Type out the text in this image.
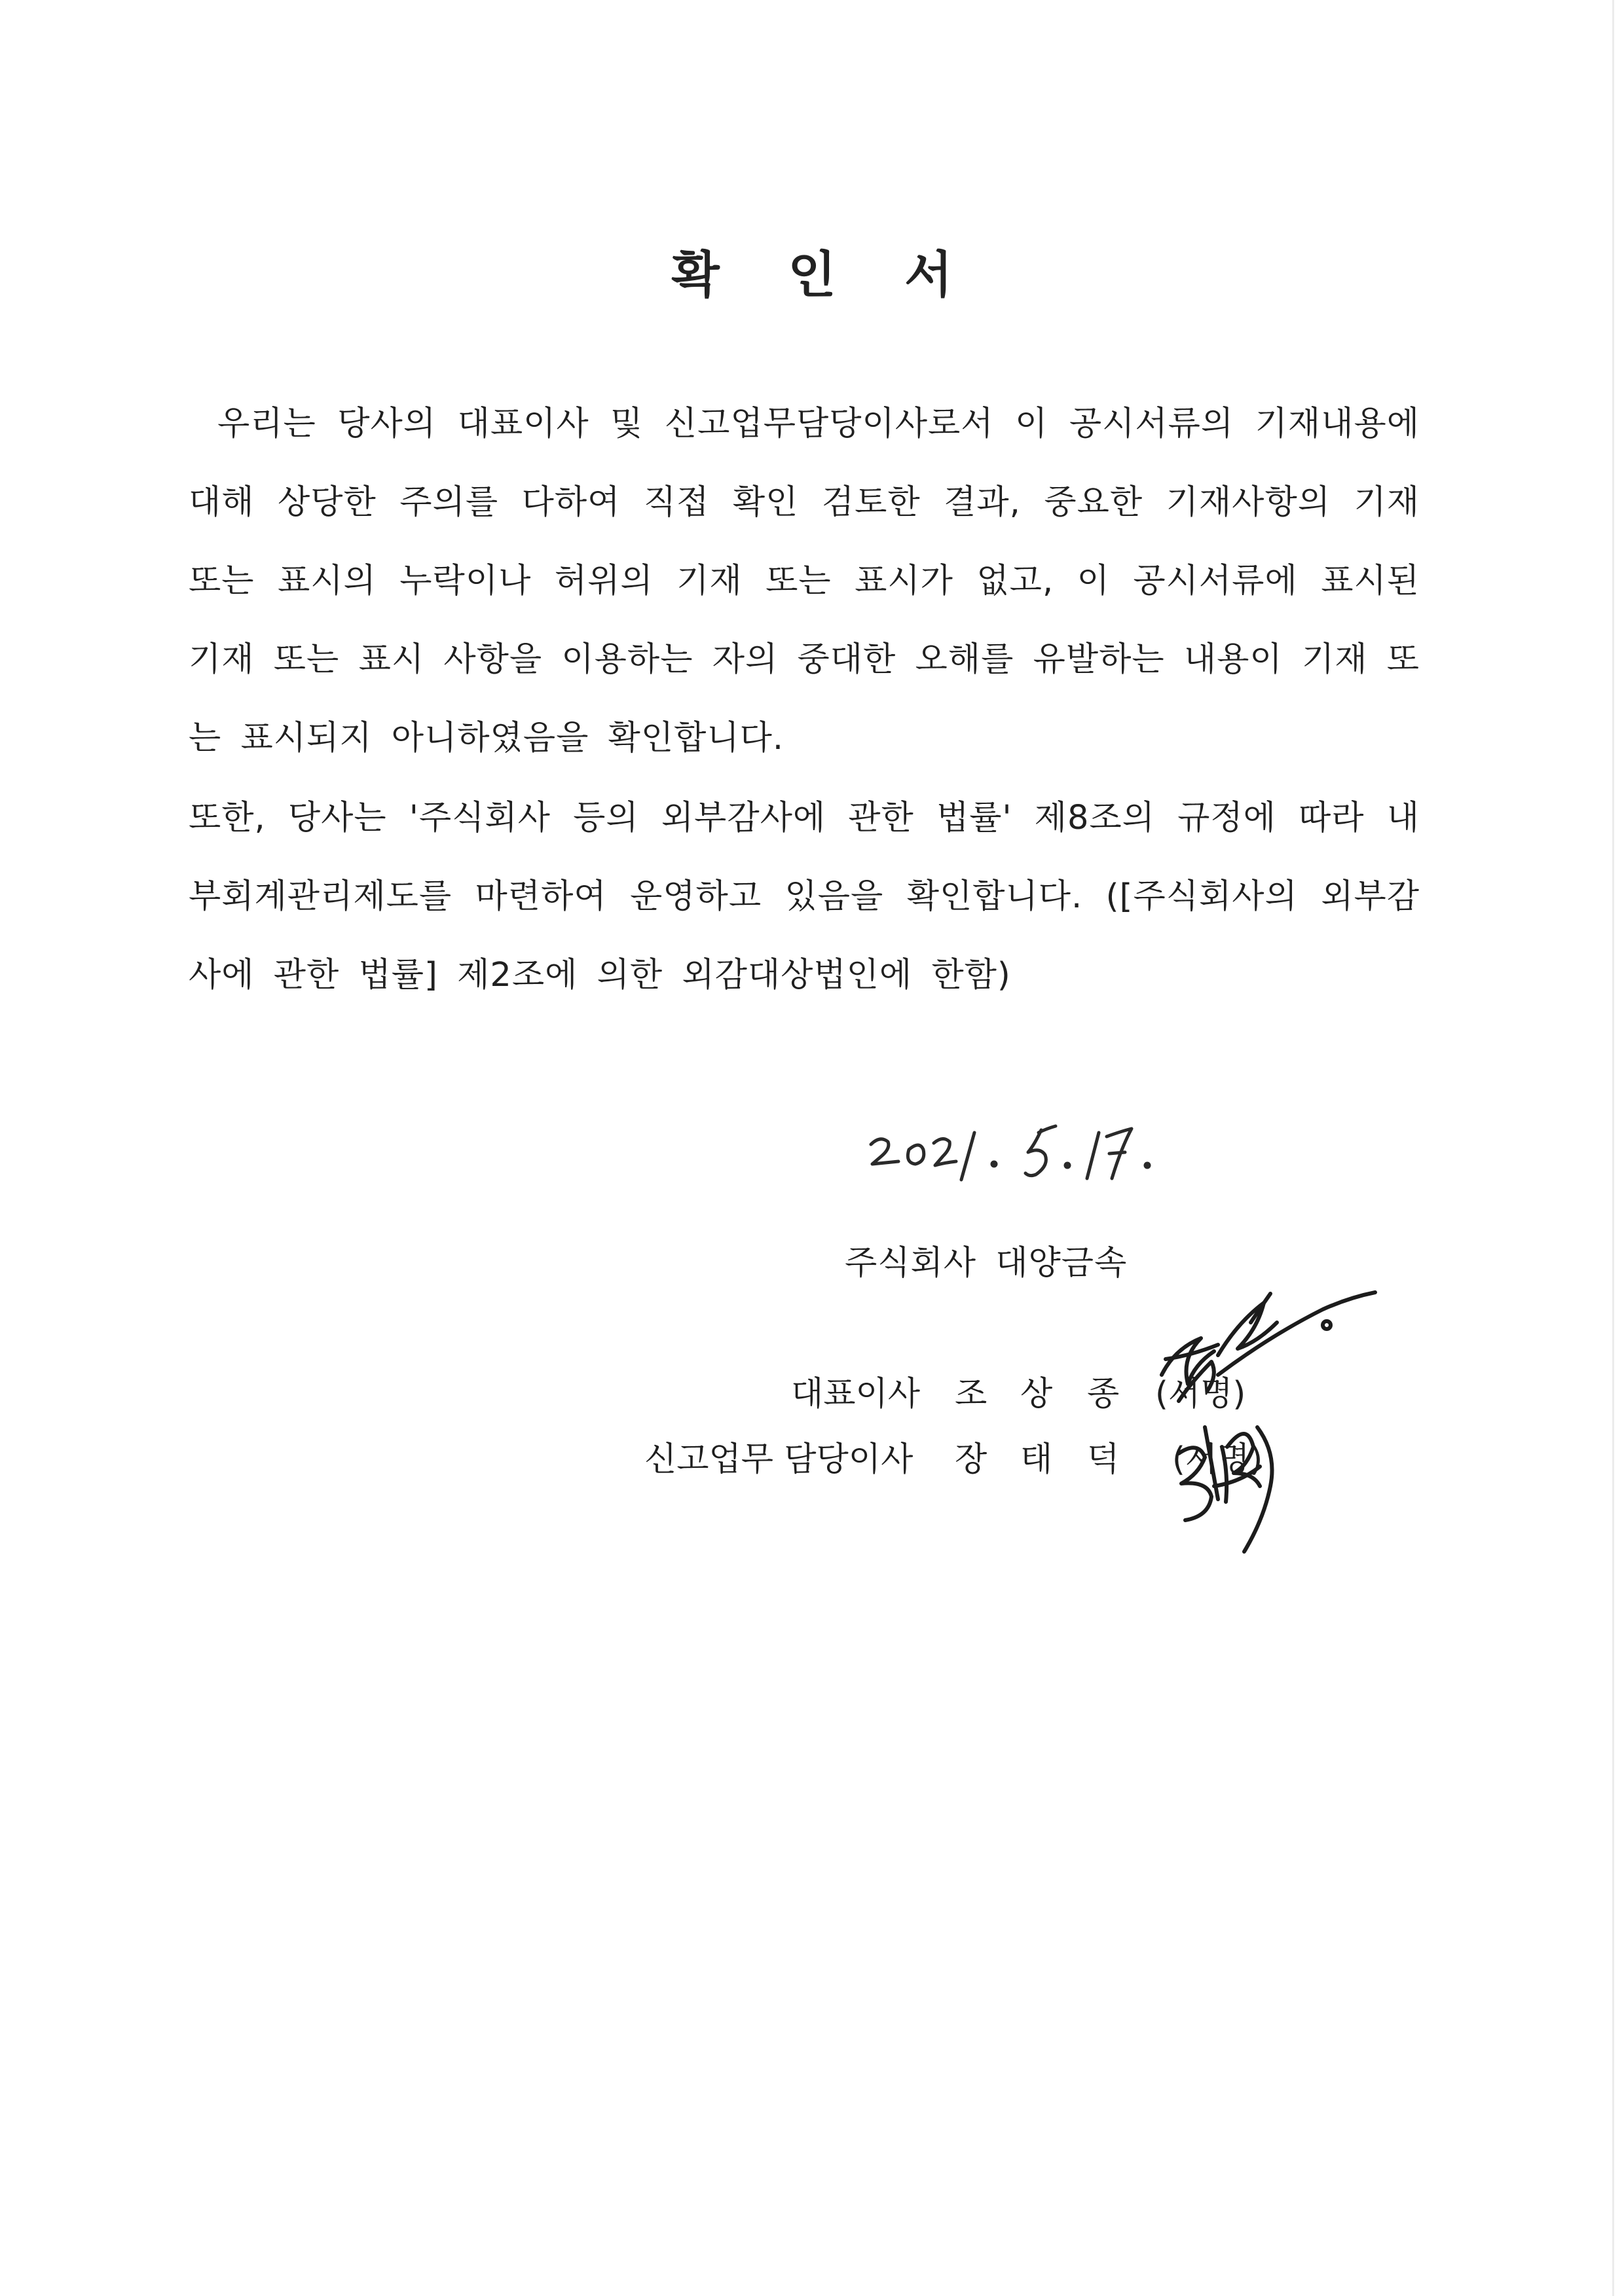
확 인 서
우리는 당사의 대표이사 및 신고업무담당이사로서 이 공시서류의 기재내용에 대해 상당한 주의를 다하여 직접 확인 검토한 결과, 중요한 기재사항의 기재 또는 표시의 누락이나 허위의 기재 또는 표시가 없고, 이 공시서류에 표시된 기재 또는 표시 사항을 이용하는 자의 중대한 오해를 유발하는 내용이 기재 또는 표시되지 아니하였음을 확인합니다.
또한, 당사는 '주식회사 등의 외부감사에 관한 법률' 제8조의 규정에 따라 내부회계관리제도를 마련하여 운영하고 있음을 확인합니다. ([주식회사의 외부감사에 관한 법률] 제2조에 의한 외감대상법인에 한함)
주식회사 대양금속
대표이사 조 상 종 (서명)
신고업무 담당이사 장 태 덕 (서명)
